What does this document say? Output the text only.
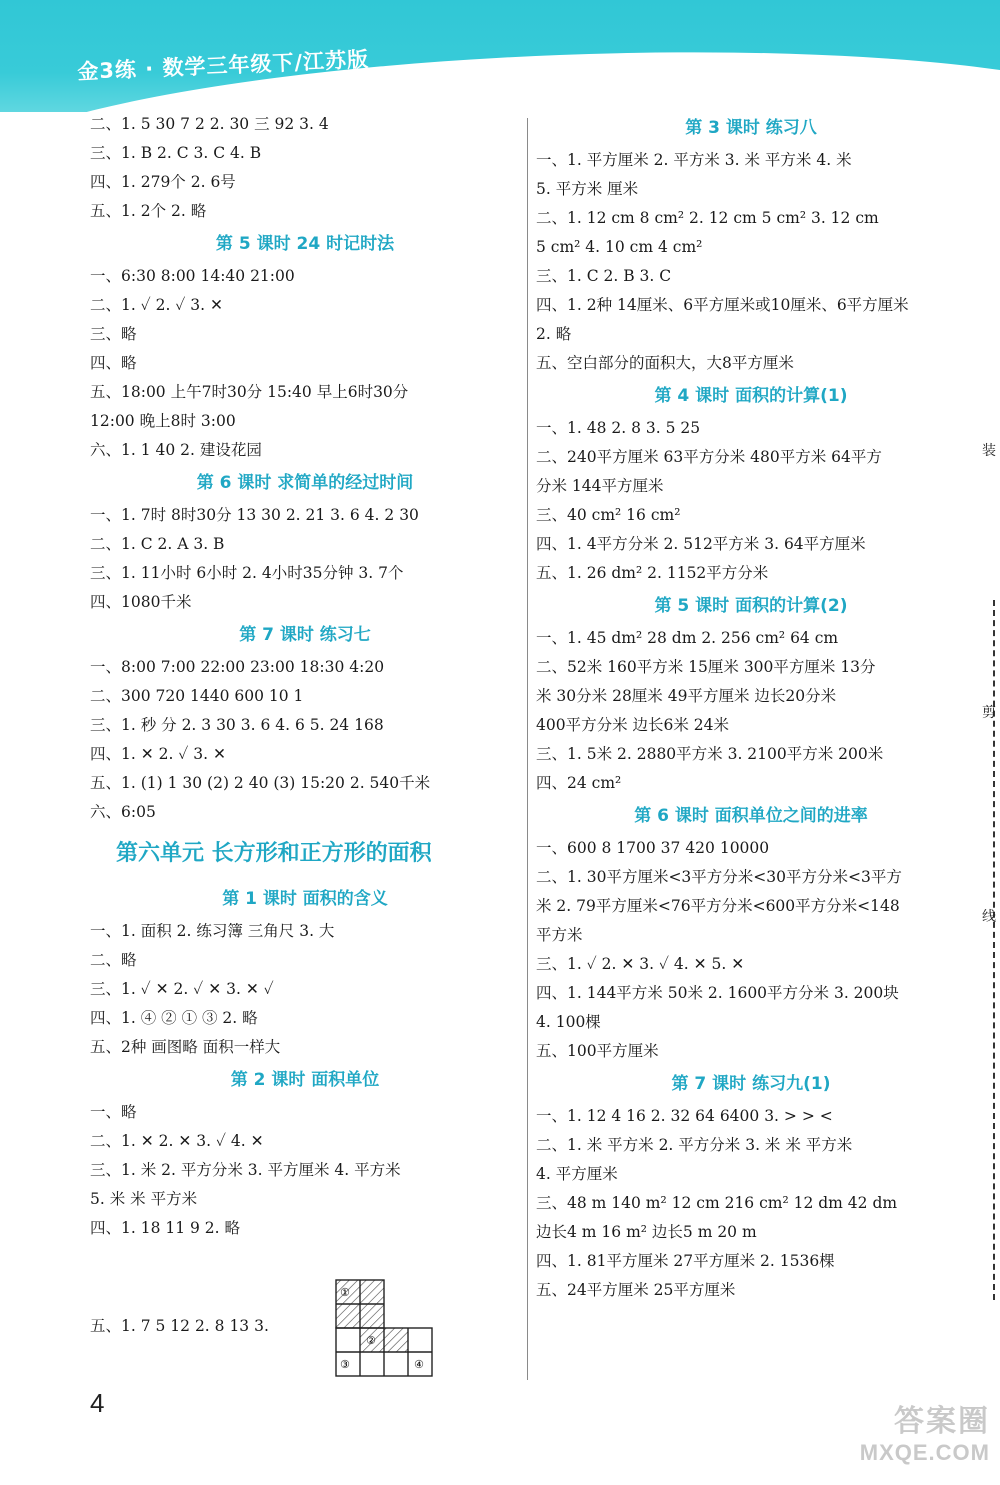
金3练 · 数学三年级下/江苏版
二、1. 5 30 7 2 2. 30 三 92 3. 4
三、1. B 2. C 3. C 4. B
四、1. 279个 2. 6号
五、1. 2个 2. 略
第 5 课时 24 时记时法
一、6:30 8:00 14:40 21:00
二、1. ✓ 2. ✓ 3. ✕
三、略
四、略
五、18:00 上午7时30分 15:40 早上6时30分
12:00 晚上8时 3:00
六、1. 1 40 2. 建设花园
第 6 课时 求简单的经过时间
一、1. 7时 8时30分 13 30 2. 21 3. 6 4. 2 30
二、1. C 2. A 3. B
三、1. 11小时 6小时 2. 4小时35分钟 3. 7个
四、1080千米
第 7 课时 练习七
一、8:00 7:00 22:00 23:00 18:30 4:20
二、300 720 1440 600 10 1
三、1. 秒 分 2. 3 30 3. 6 4. 6 5. 24 168
四、1. ✕ 2. ✓ 3. ✕
五、1. (1) 1 30 (2) 2 40 (3) 15:20 2. 540千米
六、6:05
第六单元 长方形和正方形的面积
第 1 课时 面积的含义
一、1. 面积 2. 练习簿 三角尺 3. 大
二、略
三、1. ✓ ✕ 2. ✓ ✕ 3. ✕ ✓
四、1. ④ ② ① ③ 2. 略
五、2种 画图略 面积一样大
第 2 课时 面积单位
一、略
二、1. ✕ 2. ✕ 3. ✓ 4. ✕
三、1. 米 2. 平方分米 3. 平方厘米 4. 平方米
5. 米 米 平方米
四、1. 18 11 9 2. 略
第 3 课时 练习八
一、1. 平方厘米 2. 平方米 3. 米 平方米 4. 米
5. 平方米 厘米
二、1. 12 cm 8 cm² 2. 12 cm 5 cm² 3. 12 cm
5 cm² 4. 10 cm 4 cm²
三、1. C 2. B 3. C
四、1. 2种 14厘米、6平方厘米或10厘米、6平方厘米
2. 略
五、空白部分的面积大，大8平方厘米
第 4 课时 面积的计算(1)
一、1. 48 2. 8 3. 5 25
二、240平方厘米 63平方分米 480平方米 64平方
分米 144平方厘米
三、40 cm² 16 cm²
四、1. 4平方分米 2. 512平方米 3. 64平方厘米
五、1. 26 dm² 2. 1152平方分米
第 5 课时 面积的计算(2)
一、1. 45 dm² 28 dm 2. 256 cm² 64 cm
二、52米 160平方米 15厘米 300平方厘米 13分
米 30分米 28厘米 49平方厘米 边长20分米
400平方分米 边长6米 24米
三、1. 5米 2. 2880平方米 3. 2100平方米 200米
四、24 cm²
第 6 课时 面积单位之间的进率
一、600 8 1700 37 420 10000
二、1. 30平方厘米<3平方分米<30平方分米<3平方
米 2. 79平方厘米<76平方分米<600平方分米<148
平方米
三、1. ✓ 2. ✕ 3. ✓ 4. ✕ 5. ✕
四、1. 144平方米 50米 2. 1600平方分米 3. 200块
4. 100棵
五、100平方厘米
第 7 课时 练习九(1)
一、1. 12 4 16 2. 32 64 6400 3. > > <
二、1. 米 平方米 2. 平方分米 3. 米 米 平方米
4. 平方厘米
三、48 m 140 m² 12 cm 216 cm² 12 dm 42 dm
边长4 m 16 m² 边长5 m 20 m
四、1. 81平方厘米 27平方厘米 2. 1536棵
五、24平方厘米 25平方厘米
五、1. 7 5 12 2. 8 13 3.
①
②
③	④
4
装
剪
线
答案圈
MXQE.COM
